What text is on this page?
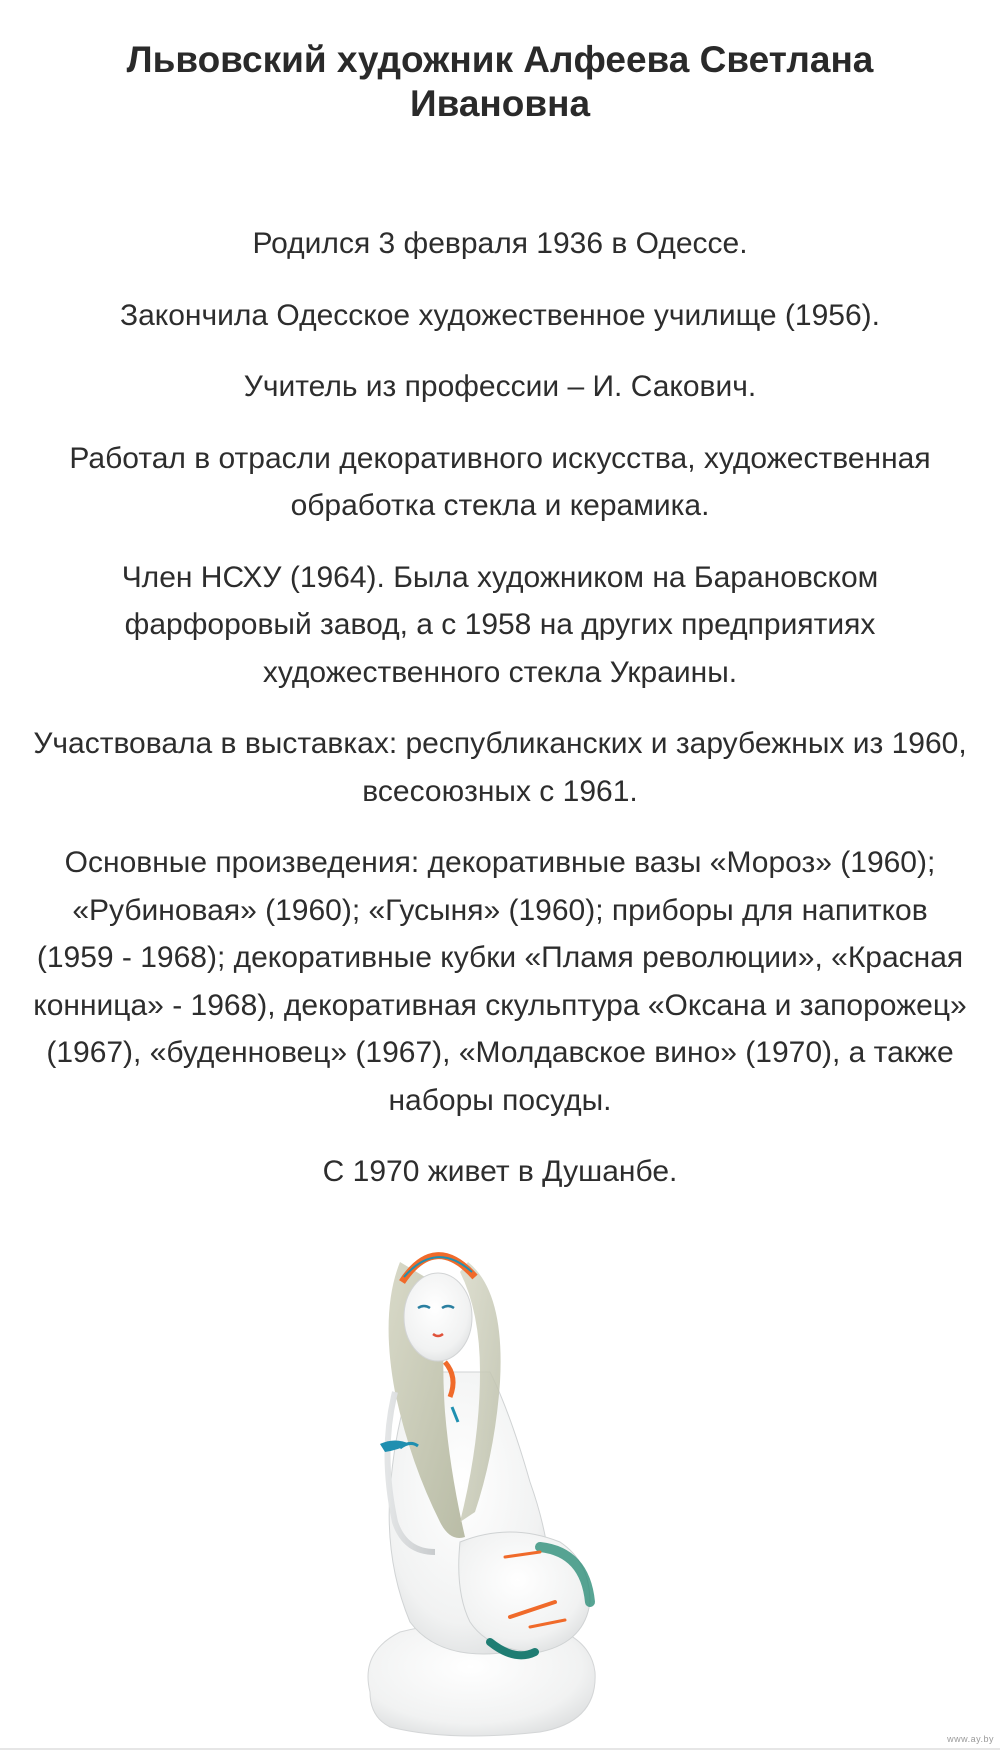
Львовский художник Алфеева Светлана Ивановна

Родился 3 февраля 1936 в Одессе.

Закончила Одесское художественное училище (1956).

Учитель из профессии – И. Сакович.

Работал в отрасли декоративного искусства, художественная обработка стекла и керамика.

Член НСХУ (1964). Была художником на Барановском фарфоровый завод, а с 1958 на других предприятиях художественного стекла Украины.

Участвовала в выставках: республиканских и зарубежных из 1960, всесоюзных с 1961.

Основные произведения: декоративные вазы «Мороз» (1960); «Рубиновая» (1960); «Гусыня» (1960); приборы для напитков (1959 - 1968); декоративные кубки «Пламя революции», «Красная конница» - 1968), декоративная скульптура «Оксана и запорожец» (1967), «буденновец» (1967), «Молдавское вино» (1970), а также наборы посуды.

С 1970 живет в Душанбе.

www.ay.by
